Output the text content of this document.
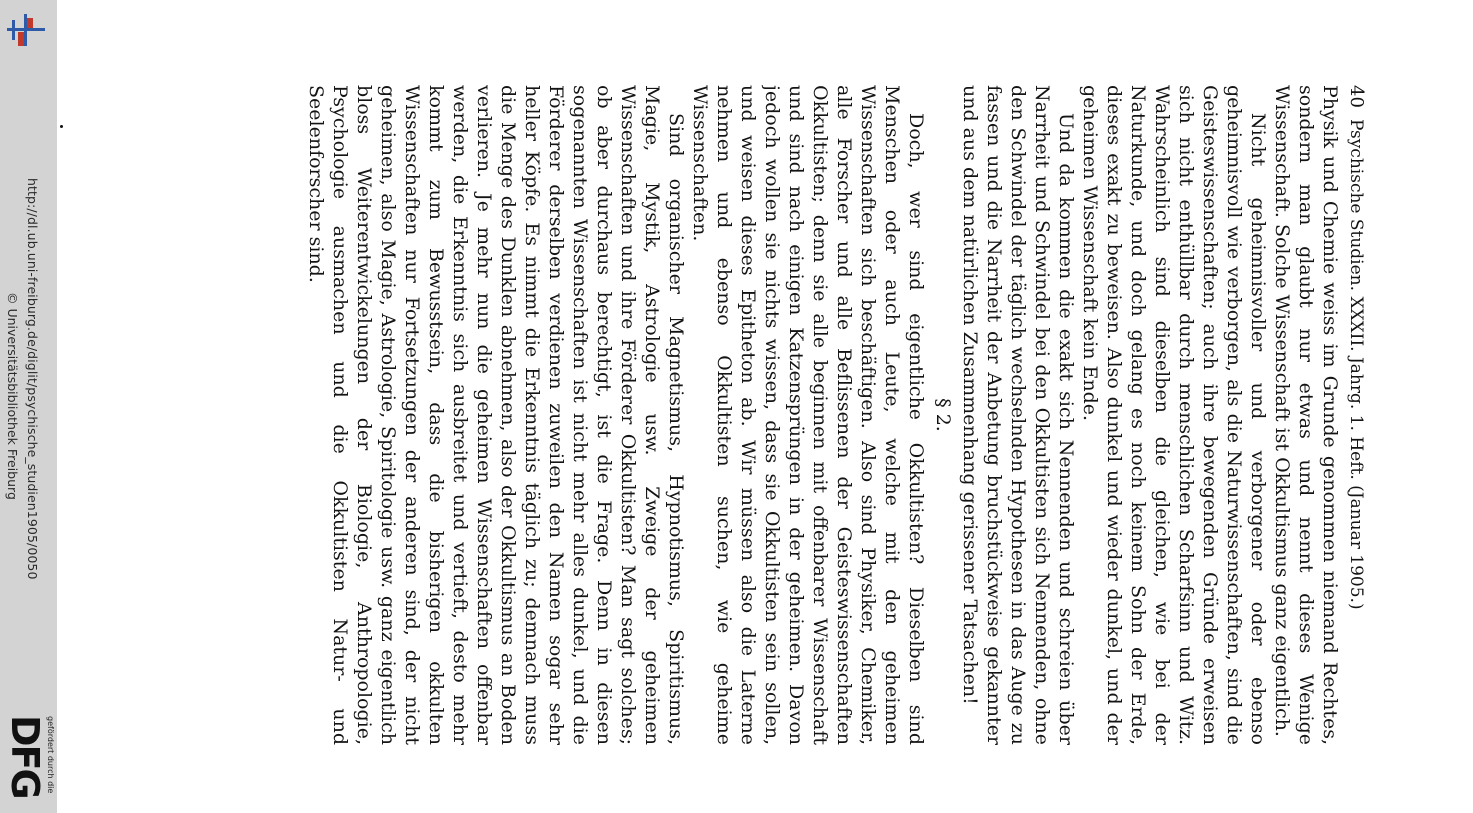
http://dl.ub.uni-freiburg.de/diglit/psychische_studien1905/0050
© Universitätsbibliothek Freiburg
gefördert durch die
DFG
40
Psychische Studien. XXXII. Jahrg. 1. Heft. (Januar 1905.)

Physik und Chemie weiss im Grunde genommen niemand Rechtes, sondern man glaubt nur etwas und nennt dieses Wenige Wissenschaft. Solche Wissenschaft ist Okkultismus ganz eigentlich.

Nicht geheimnisvoller und verborgener oder ebenso geheimnisvoll wie verborgen, als die Naturwissenschaften, sind die Geisteswissenschaften; auch ihre bewegenden Gründe erweisen sich nicht enthüllbar durch menschlichen Scharfsinn und Witz. Wahrscheinlich sind dieselben die gleichen, wie bei der Naturkunde, und doch gelang es noch keinem Sohn der Erde, dieses exakt zu beweisen. Also dunkel und wieder dunkel, und der geheimen Wissenschaft kein Ende.

Und da kommen die exakt sich Nennenden und schreien über Narrheit und Schwindel bei den Okkultisten sich Nennenden, ohne den Schwindel der täglich wechselnden Hypothesen in das Auge zu fassen und die Narrheit der Anbetung bruchstückweise gekannter und aus dem natürlichen Zusammenhang gerissener Tatsachen!

§ 2.

Doch, wer sind eigentliche Okkultisten? Dieselben sind Menschen oder auch Leute, welche mit den geheimen Wissenschaften sich beschäftigen. Also sind Physiker, Chemiker, alle Forscher und alle Beflissenen der Geisteswissenschaften Okkultisten; denn sie alle beginnen mit offenbarer Wissenschaft und sind nach einigen Katzensprüngen in der geheimen. Davon jedoch wollen sie nichts wissen, dass sie Okkultisten sein sollen, und weisen dieses Epitheton ab. Wir müssen also die Laterne nehmen und ebenso Okkultisten suchen, wie geheime Wissenschaften.

Sind organischer Magnetismus, Hypnotismus, Spiritismus, Magie, Mystik, Astrologie usw. Zweige der geheimen Wissenschaften und ihre Förderer Okkultisten? Man sagt solches; ob aber durchaus berechtigt, ist die Frage. Denn in diesen sogenannten Wissenschaften ist nicht mehr alles dunkel, und die Förderer derselben verdienen zuweilen den Namen sogar sehr heller Köpfe. Es nimmt die Erkenntnis täglich zu; demnach muss die Menge des Dunklen abnehmen, also der Okkultismus an Boden verlieren. Je mehr nun die geheimen Wissenschaften offenbar werden, die Erkenntnis sich ausbreitet und vertieft, desto mehr kommt zum Bewusstsein, dass die bisherigen okkulten Wissenschaften nur Fortsetzungen der anderen sind, der nicht geheimen, also Magie, Astrologie, Spiritologie usw. ganz eigentlich bloss Weiterentwickelungen der Biologie, Anthropologie, Psychologie ausmachen und die Okkultisten Natur- und Seelenforscher sind.
